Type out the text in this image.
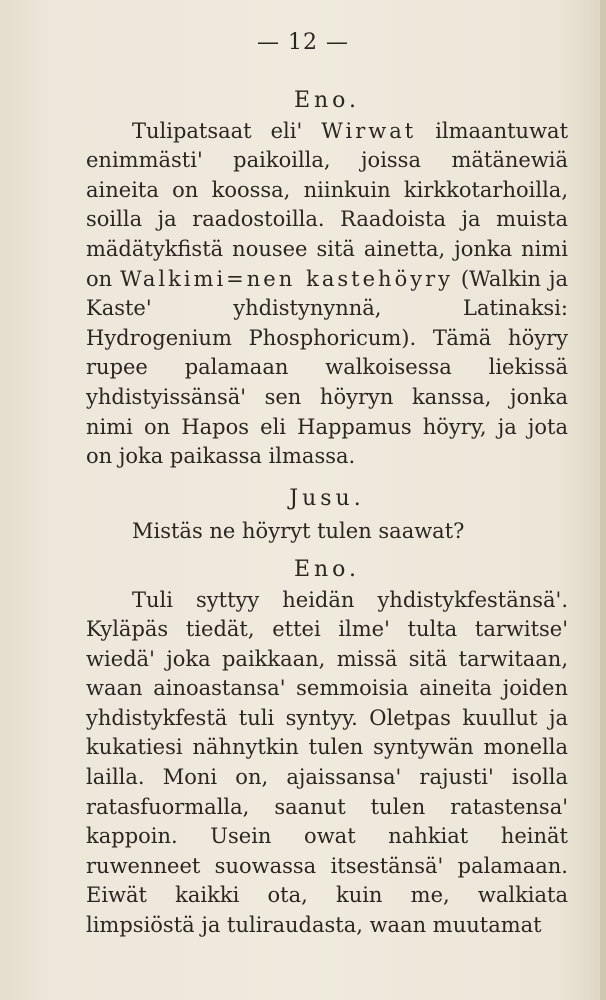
— 12 —

Eno.

Tulipatsaat eli' Wirwat ilmaantuwat enimmästi' paikoilla, joissa mätänewiä aineita on koossa, niinkuin kirkkotarhoilla, soilla ja raadostoilla. Raadoista ja muista mädätykfistä nousee sitä ainetta, jonka nimi on Walkimi=nen kastehöyry (Walkin ja Kaste' yhdistynynnä, Latinaksi: Hydrogenium Phosphoricum). Tämä höyry rupee palamaan walkoisessa liekissä yhdistyissänsä' sen höyryn kanssa, jonka nimi on Hapos eli Happamus höyry, ja jota on joka paikassa ilmassa.

Jusu.

Mistäs ne höyryt tulen saawat?

Eno.

Tuli syttyy heidän yhdistykfestänsä'. Kyläpäs tiedät, ettei ilme' tulta tarwitse' wiedä' joka paikkaan, missä sitä tarwitaan, waan ainoastansa' semmoisia aineita joiden yhdistykfestä tuli syntyy. Oletpas kuullut ja kukatiesi nähnytkin tulen syntywän monella lailla. Moni on, ajaissansa' rajusti' isolla ratasfuormalla, saanut tulen ratastensa' kappoin. Usein owat nahkiat heinät ruwenneet suowassa itsestänsä' palamaan. Eiwät kaikki ota, kuin me, walkiata limpsiöstä ja tuliraudasta, waan muutamat
